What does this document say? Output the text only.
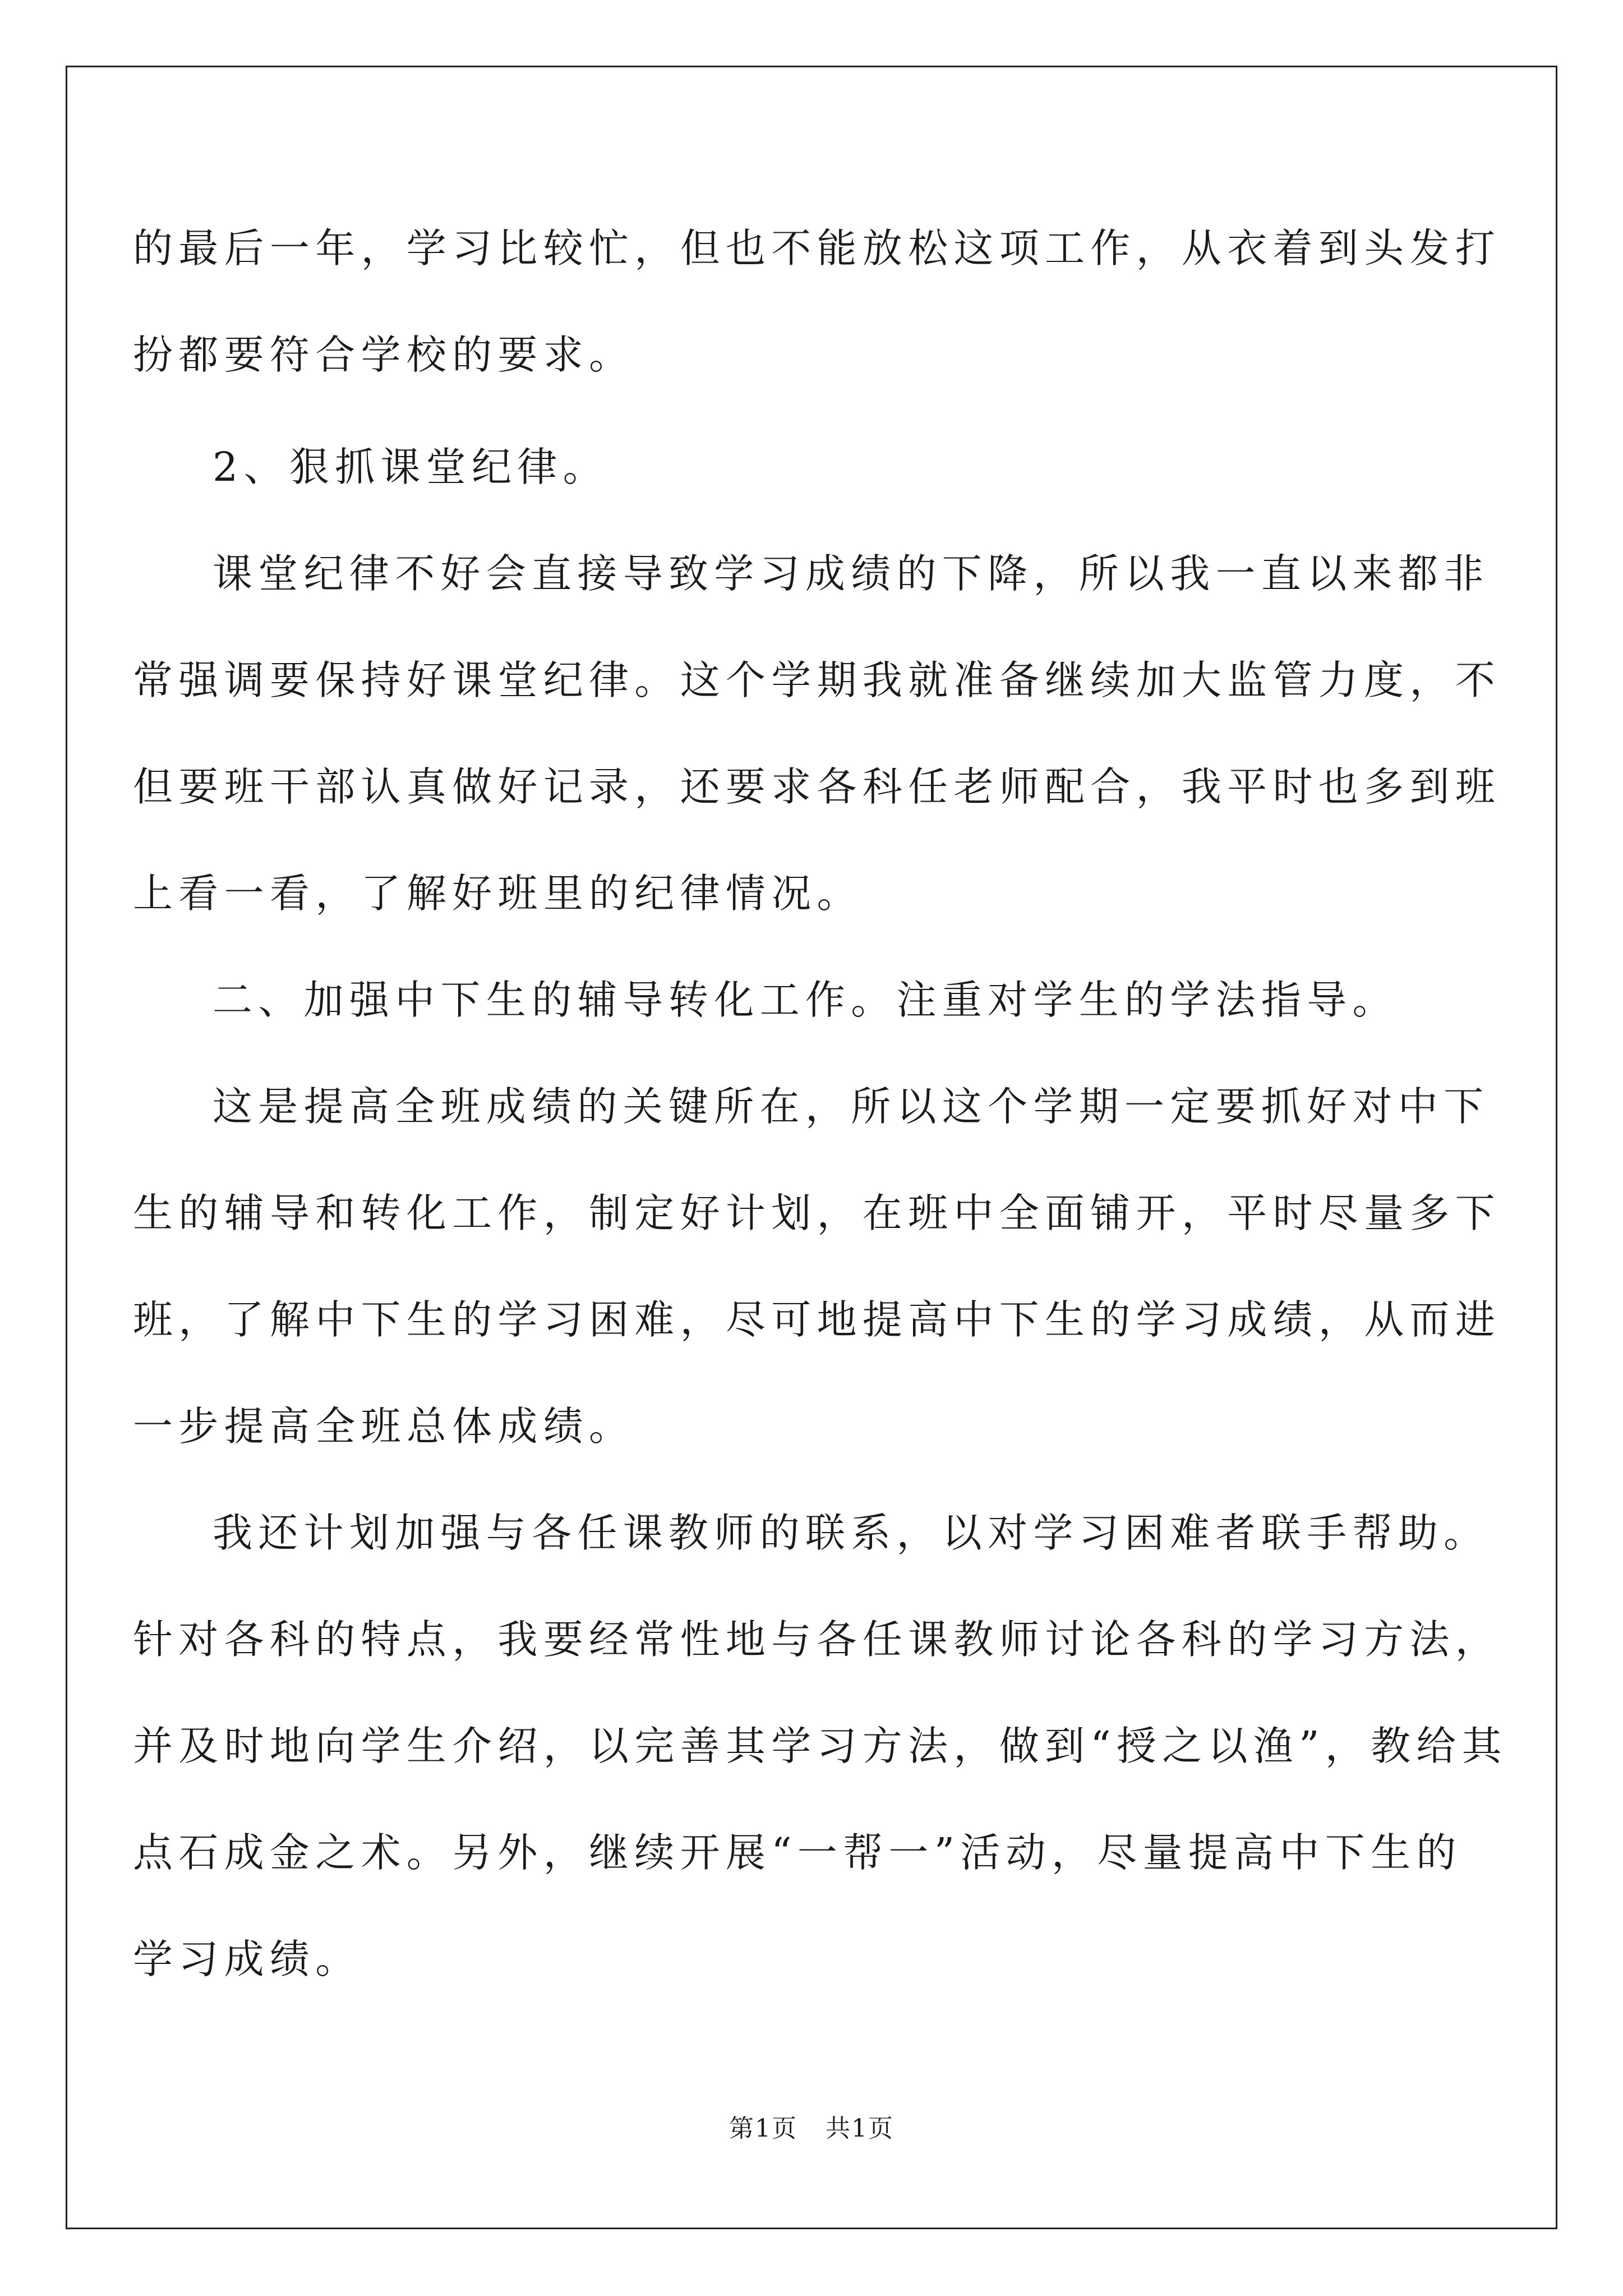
的最后一年，学习比较忙，但也不能放松这项工作，从衣着到头发打
扮都要符合学校的要求。
2、狠抓课堂纪律。
课堂纪律不好会直接导致学习成绩的下降，所以我一直以来都非
常强调要保持好课堂纪律。这个学期我就准备继续加大监管力度，不
但要班干部认真做好记录，还要求各科任老师配合，我平时也多到班
上看一看，了解好班里的纪律情况。
二、加强中下生的辅导转化工作。注重对学生的学法指导。
这是提高全班成绩的关键所在，所以这个学期一定要抓好对中下
生的辅导和转化工作，制定好计划，在班中全面铺开，平时尽量多下
班，了解中下生的学习困难，尽可地提高中下生的学习成绩，从而进
一步提高全班总体成绩。
我还计划加强与各任课教师的联系，以对学习困难者联手帮助。
针对各科的特点，我要经常性地与各任课教师讨论各科的学习方法，
并及时地向学生介绍，以完善其学习方法，做到“授之以渔”，教给其
点石成金之术。另外，继续开展“一帮一”活动，尽量提高中下生的
学习成绩。
第1页 共1页
